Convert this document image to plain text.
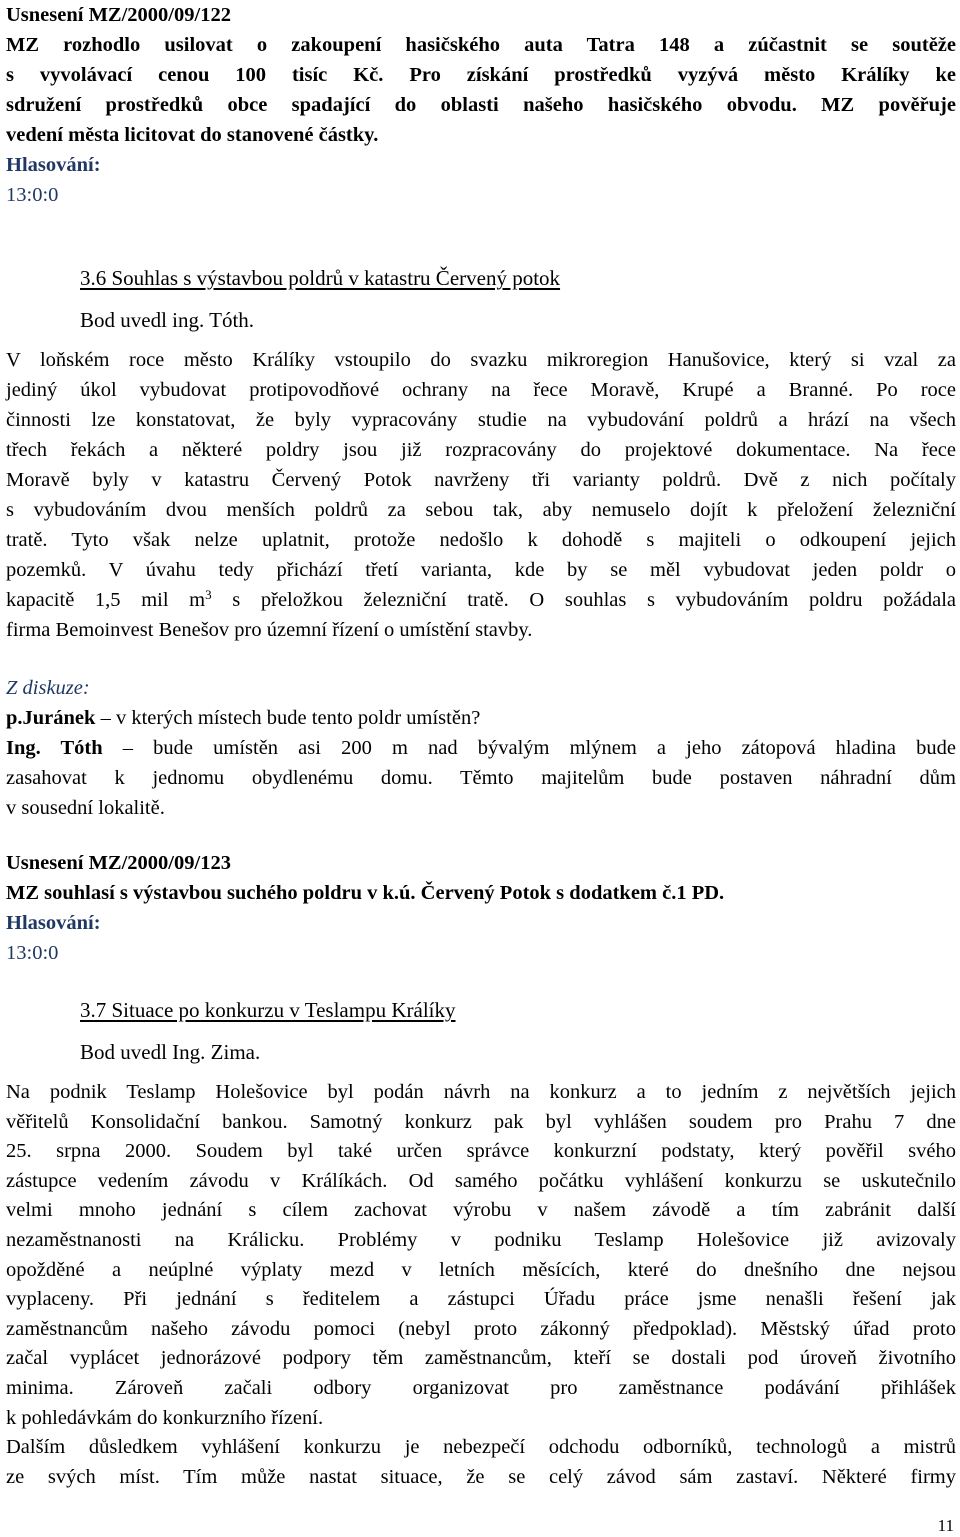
Usnesení MZ/2000/09/122

MZ rozhodlo usilovat o zakoupení hasičského auta Tatra 148 a zúčastnit se soutěže

s vyvolávací cenou 100 tisíc Kč. Pro získání prostředků vyzývá město Králíky ke

sdružení prostředků obce spadající do oblasti našeho hasičského obvodu. MZ pověřuje

vedení města licitovat do stanovené částky.

Hlasování:
13:0:0
3.6 Souhlas s výstavbou poldrů v katastru Červený potok
Bod uvedl ing. Tóth.

V loňském roce město Králíky vstoupilo do svazku mikroregion Hanušovice, který si vzal za

jediný úkol vybudovat protipovodňové ochrany na řece Moravě, Krupé a Branné. Po roce

činnosti lze konstatovat, že byly vypracovány studie na vybudování poldrů a hrází na všech

třech řekách a některé poldry jsou již rozpracovány do projektové dokumentace. Na řece

Moravě byly v katastru Červený Potok navrženy tři varianty poldrů. Dvě z nich počítaly

s vybudováním dvou menších poldrů za sebou tak, aby nemuselo dojít k přeložení železniční

tratě. Tyto však nelze uplatnit, protože nedošlo k dohodě s majiteli o odkoupení jejich

pozemků. V úvahu tedy přichází třetí varianta, kde by se měl vybudovat jeden poldr o

kapacitě 1,5 mil $m^3$ s přeložkou železniční tratě. O souhlas s vybudováním poldru požádala

firma Bemoinvest Benešov pro územní řízení o umístění stavby.

Z diskuze:
p.Juránek – v kterých místech bude tento poldr umístěn?

Ing. Tóth – bude umístěn asi 200 m nad bývalým mlýnem a jeho zátopová hladina bude

zasahovat k jednomu obydlenému domu. Těmto majitelům bude postaven náhradní dům

v sousední lokalitě.

Usnesení MZ/2000/09/123
MZ souhlasí s výstavbou suchého poldru v k.ú. Červený Potok s dodatkem č.1 PD.
Hlasování:
13:0:0
3.7 Situace po konkurzu v Teslampu Králíky
Bod uvedl Ing. Zima.

Na podnik Teslamp Holešovice byl podán návrh na konkurz a to jedním z největších jejich

věřitelů Konsolidační bankou. Samotný konkurz pak byl vyhlášen soudem pro Prahu 7 dne

25. srpna 2000. Soudem byl také určen správce konkurzní podstaty, který pověřil svého

zástupce vedením závodu v Králíkách. Od samého počátku vyhlášení konkurzu se uskutečnilo

velmi mnoho jednání s cílem zachovat výrobu v našem závodě a tím zabránit další

nezaměstnanosti na Králicku. Problémy v podniku Teslamp Holešovice již avizovaly

opožděné a neúplné výplaty mezd v letních měsících, které do dnešního dne nejsou

vyplaceny. Při jednání s ředitelem a zástupci Úřadu práce jsme nenašli řešení jak

zaměstnancům našeho závodu pomoci (nebyl proto zákonný předpoklad). Městský úřad proto

začal vyplácet jednorázové podpory těm zaměstnancům, kteří se dostali pod úroveň životního

minima. Zároveň začali odbory organizovat pro zaměstnance podávání přihlášek

k pohledávkám do konkurzního řízení.

Dalším důsledkem vyhlášení konkurzu je nebezpečí odchodu odborníků, technologů a mistrů

ze svých míst. Tím může nastat situace, že se celý závod sám zastaví. Některé firmy

11
